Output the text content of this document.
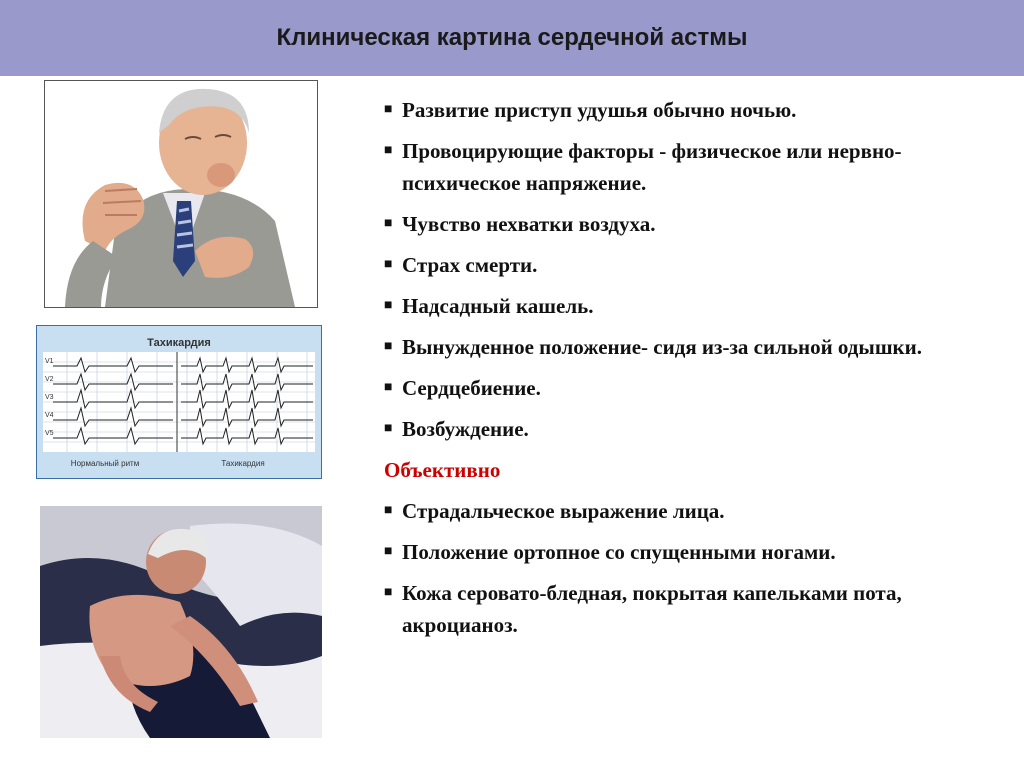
Клиническая картина сердечной астмы
Тахикардия
V1
V2
V3
V4
V5
Нормальный ритм	Тахикардия
■ Развитие приступ удушья обычно ночью.
■ Провоцирующие факторы - физическое или нервно-психическое напряжение.
■ Чувство нехватки воздуха.
■ Страх смерти.
■ Надсадный кашель.
■ Вынужденное положение- сидя из-за сильной одышки.
■ Сердцебиение.
■ Возбуждение.
Объективно
■ Страдальческое выражение лица.
■ Положение ортопное со спущенными ногами.
■ Кожа серовато-бледная, покрытая капельками пота, акроцианоз.
